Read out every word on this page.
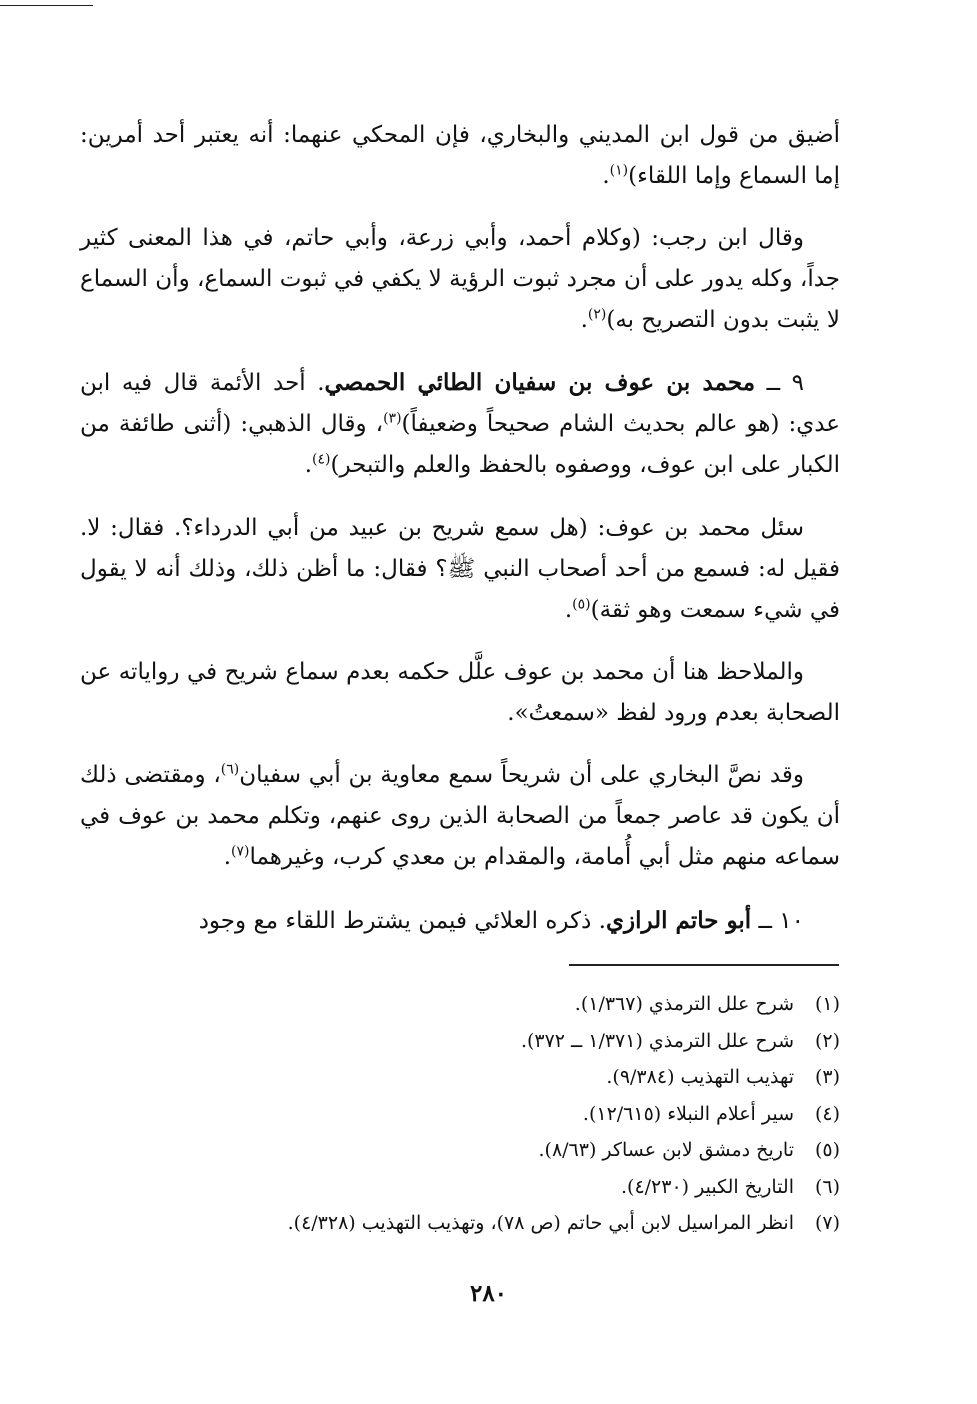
أضيق من قول ابن المديني والبخاري، فإن المحكي عنهما: أنه يعتبر أحد أمرين: إما السماع وإما اللقاء)$^{(١)}$.
وقال ابن رجب: (وكلام أحمد، وأبي زرعة، وأبي حاتم، في هذا المعنى كثير جداً، وكله يدور على أن مجرد ثبوت الرؤية لا يكفي في ثبوت السماع، وأن السماع لا يثبت بدون التصريح به)$^{(٢)}$.
٩ ــ محمد بن عوف بن سفيان الطائي الحمصي. أحد الأئمة قال فيه ابن عدي: (هو عالم بحديث الشام صحيحاً وضعيفاً)$^{(٣)}$، وقال الذهبي: (أثنى طائفة من الكبار على ابن عوف، ووصفوه بالحفظ والعلم والتبحر)$^{(٤)}$.
سئل محمد بن عوف: (هل سمع شريح بن عبيد من أبي الدرداء؟. فقال: لا. فقيل له: فسمع من أحد أصحاب النبي ﷺ؟ فقال: ما أظن ذلك، وذلك أنه لا يقول في شيء سمعت وهو ثقة)$^{(٥)}$.
والملاحظ هنا أن محمد بن عوف علَّل حكمه بعدم سماع شريح في رواياته عن الصحابة بعدم ورود لفظ «سمعتُ».
وقد نصَّ البخاري على أن شريحاً سمع معاوية بن أبي سفيان$^{(٦)}$، ومقتضى ذلك أن يكون قد عاصر جمعاً من الصحابة الذين روى عنهم، وتكلم محمد بن عوف في سماعه منهم مثل أبي أُمامة، والمقدام بن معدي كرب، وغيرهما$^{(٧)}$.
١٠ ــ أبو حاتم الرازي. ذكره العلائي فيمن يشترط اللقاء مع وجود
(١)شرح علل الترمذي (١/٣٦٧).
(٢)شرح علل الترمذي (١/٣٧١ ــ ٣٧٢).
(٣)تهذيب التهذيب (٩/٣٨٤).
(٤)سير أعلام النبلاء (١٢/٦١٥).
(٥)تاريخ دمشق لابن عساكر (٨/٦٣).
(٦)التاريخ الكبير (٤/٢٣٠).
(٧)انظر المراسيل لابن أبي حاتم (ص ٧٨)، وتهذيب التهذيب (٤/٣٢٨).
٢٨٠
